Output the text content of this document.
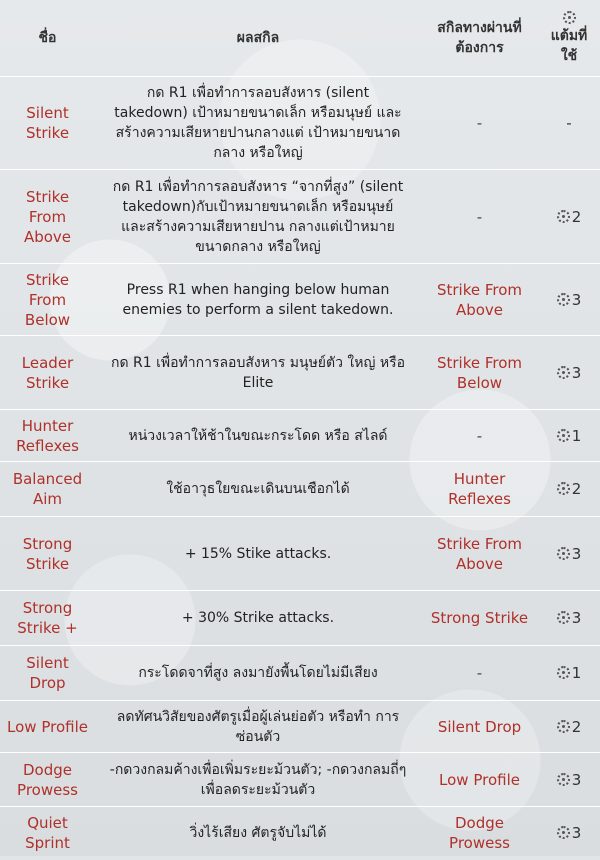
ชื่อ	ผลสกิล	สกิลทางผ่านที่ต้องการ	แต้มที่ใช้
Silent Strike	กด R1 เพื่อทำการลอบสังหาร (silent takedown) เป้าหมายขนาดเล็ก หรือมนุษย์ และสร้างความเสียหายปานกลางแต่ เป้าหมายขนาดกลาง หรือใหญ่	-	-
Strike From Above	กด R1 เพื่อทำการลอบสังหาร “จากที่สูง” (silent takedown)กับเป้าหมายขนาดเล็ก หรือมนุษย์ และสร้างความเสียหายปาน กลางแต่เป้าหมายขนาดกลาง หรือใหญ่	-	2
Strike From Below	Press R1 when hanging below human enemies to perform a silent takedown.	Strike From Above	3
Leader Strike	กด R1 เพื่อทำการลอบสังหาร มนุษย์ตัว ใหญ่ หรือ Elite	Strike From Below	3
Hunter Reflexes	หน่วงเวลาให้ช้าในขณะกระโดด หรือ สไลด์	-	1
Balanced Aim	ใช้อาวุธใยขณะเดินบนเชือกได้	Hunter Reflexes	2
Strong Strike	+ 15% Stike attacks.	Strike From Above	3
Strong Strike +	+ 30% Strike attacks.	Strong Strike	3
Silent Drop	กระโดดจาที่สูง ลงมายังพื้นโดยไม่มีเสียง	-	1
Low Profile	ลดทัศนวิสัยของศัตรูเมื่อผู้เล่นย่อตัว หรือทำ การซ่อนตัว	Silent Drop	2
Dodge Prowess	-กดวงกลมค้างเพื่อเพิ่มระยะม้วนตัว; -กดวงกลมถี่ๆเพื่อลดระยะม้วนตัว	Low Profile	3
Quiet Sprint	วิ่งไร้เสียง ศัตรูจับไม่ได้	Dodge Prowess	3
